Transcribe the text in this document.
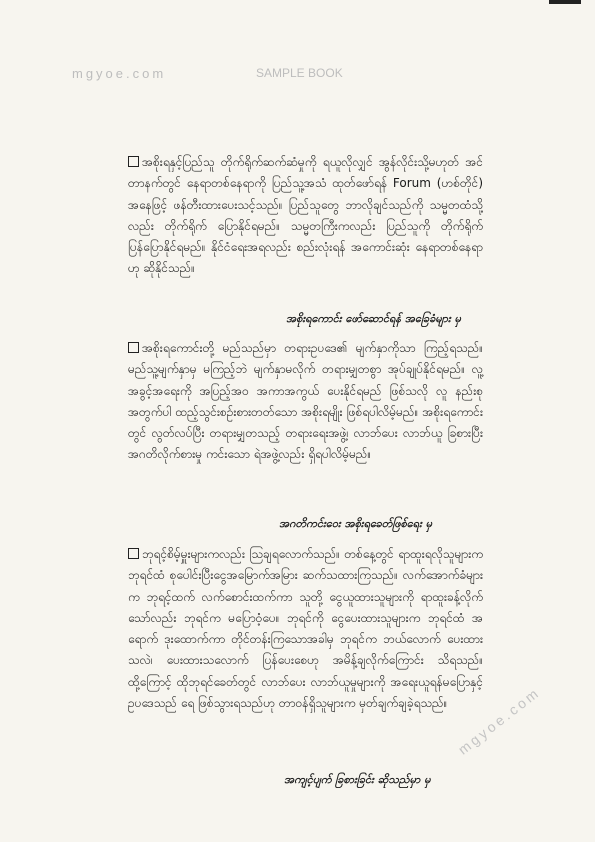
mgyoe.com	SAMPLE BOOK
အစိုးရနှင့်ပြည်သူ တိုက်ရိုက်ဆက်ဆံမှုကို ရယူလိုလျှင် အွန်လိုင်းသို့မဟုတ် အင်တာနက်တွင် နေရာတစ်နေရာကို ပြည်သူ့အသံ ထုတ်ဖော်ရန် Forum (ဟစ်တိုင်) အနေဖြင့် ဖန်တီးထားပေးသင့်သည်။ ပြည်သူတွေ ဘာလိုချင်သည်ကို သမ္မတထံသို့လည်း တိုက်ရိုက် ပြောနိုင်ရမည်။ သမ္မတကြီးကလည်း ပြည်သူကို တိုက်ရိုက် ပြန်ပြောနိုင်ရမည်။ နိုင်ငံရေးအရလည်း စည်းလုံးရန် အကောင်းဆုံး နေရာတစ်နေရာဟု ဆိုနိုင်သည်။
အစိုးရကောင်း ဖော်ဆောင်ရန် အခြေခံများ မှ
အစိုးရကောင်းတို့ မည်သည်မှာ တရားဥပဒေ၏ မျက်နှာကိုသာ ကြည့်ရသည်။ မည်သူ့မျက်နှာမှ မကြည့်ဘဲ မျက်နှာမလိုက် တရားမျှတစွာ အုပ်ချုပ်နိုင်ရမည်။ လူ့အခွင့်အရေးကို အပြည့်အဝ အကာအကွယ် ပေးနိုင်ရမည် ဖြစ်သလို လူ နည်းစုအတွက်ပါ ထည့်သွင်းစဉ်းစားတတ်သော အစိုးရမျိုး ဖြစ်ရပါလိမ့်မည်။ အစိုးရကောင်းတွင် လွတ်လပ်ပြီး တရားမျှတသည့် တရားရေးအဖွဲ့၊ လာဘ်ပေး လာဘ်ယူ ခြစားပြီး အဂတိလိုက်စားမှု ကင်းသော ရဲအဖွဲ့လည်း ရှိရပါလိမ့်မည်။
အဂတိကင်းဝေး အစိုးရခေတ်ဖြစ်ရေး မှ
ဘုရင့်စိမ့်မှူးများကလည်း ဩချရလောက်သည်။ တစ်နေ့တွင် ရာထူးရလိုသူများက ဘုရင်ထံ စုပေါင်းပြီးငွေအမြောက်အမြား ဆက်သထားကြသည်။ လက်အောက်ခံများက ဘုရင့်ထက် လက်စောင်းထက်ကာ သူတို့ ငွေယူထားသူများကို ရာထူးခန့်လိုက်သော်လည်း ဘုရင်က မပြောဝံ့ပေ။ ဘုရင်ကို ငွေပေးထားသူများက ဘုရင်ထံ အရောက် ဒုးထောက်ကာ တိုင်တန်းကြသောအခါမှ ဘုရင်က ဘယ်လောက် ပေးထားသလဲ၊ ပေးထားသလောက် ပြန်ပေးစေဟု အမိန့်ချလိုက်ကြောင်း သိရသည်။ ထို့ကြောင့် ထိုဘုရင်ခေတ်တွင် လာဘ်ပေး လာဘ်ယူမှုများကို အရေးယူရန်မပြောနှင့် ဥပဒေသည် ရေ ဖြစ်သွားရသည်ဟု တာဝန်ရှိသူများက မှတ်ချက်ချခဲ့ရသည်။
အကျင့်ပျက် ခြစားခြင်း ဆိုသည်မှာ မှ
mgyoe.com
